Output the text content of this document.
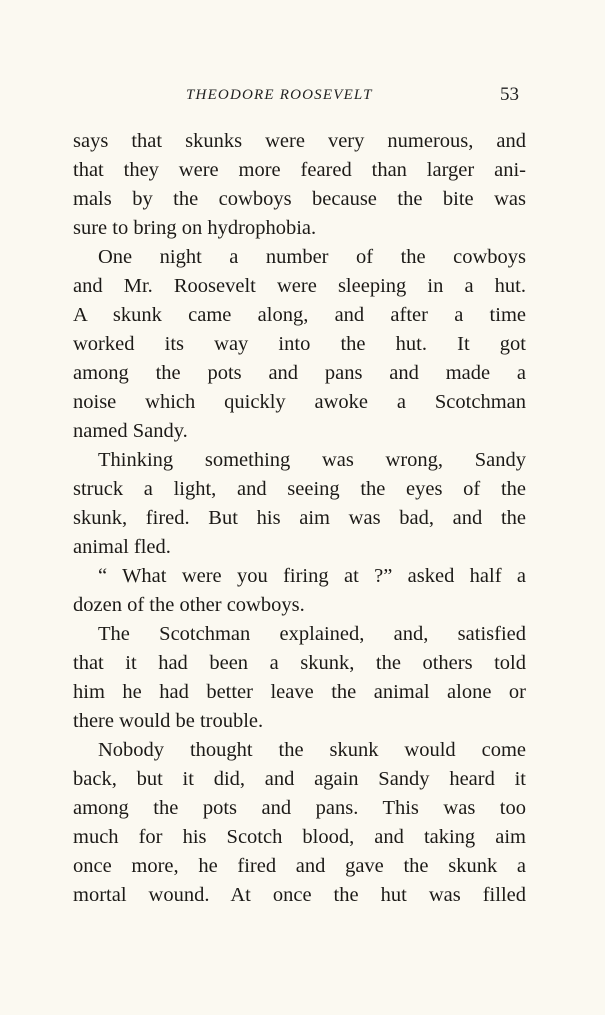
THEODORE ROOSEVELT	53
says that skunks were very numerous, and
that they were more feared than larger ani-
mals by the cowboys because the bite was
sure to bring on hydrophobia.
One night a number of the cowboys
and Mr. Roosevelt were sleeping in a hut.
A skunk came along, and after a time
worked its way into the hut. It got
among the pots and pans and made a
noise which quickly awoke a Scotchman
named Sandy.
Thinking something was wrong, Sandy
struck a light, and seeing the eyes of the
skunk, fired. But his aim was bad, and the
animal fled.
“ What were you firing at ?” asked half a
dozen of the other cowboys.
The Scotchman explained, and, satisfied
that it had been a skunk, the others told
him he had better leave the animal alone or
there would be trouble.
Nobody thought the skunk would come
back, but it did, and again Sandy heard it
among the pots and pans. This was too
much for his Scotch blood, and taking aim
once more, he fired and gave the skunk a
mortal wound. At once the hut was filled
